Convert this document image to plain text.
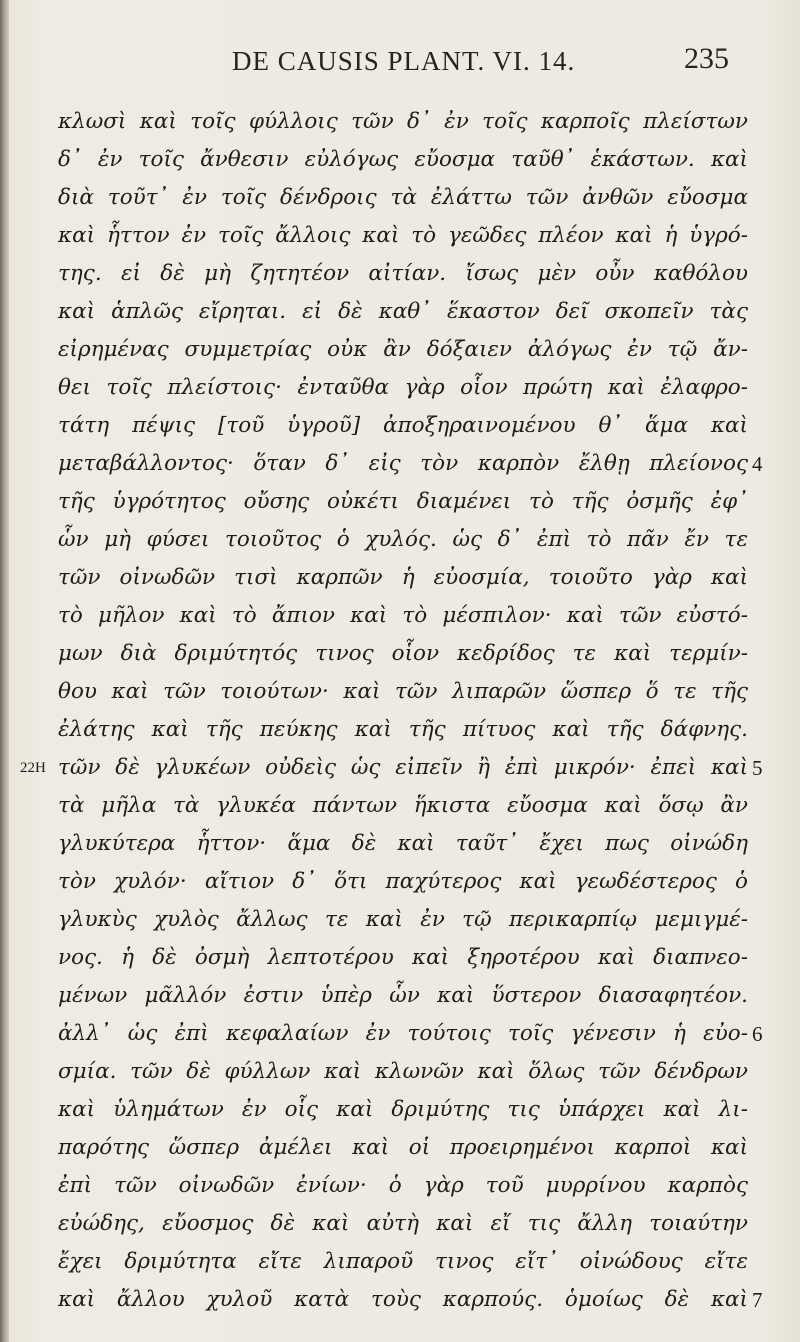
DE CAUSIS PLANT. VI. 14.	235
κλωσὶ καὶ τοῖς φύλλοις τῶν δ᾽ ἐν τοῖς καρποῖς πλείστων
δ᾽ ἐν τοῖς ἄνθεσιν εὐλόγως εὔοσμα ταῦθ᾽ ἑκάστων. καὶ
διὰ τοῦτ᾽ ἐν τοῖς δένδροις τὰ ἐλάττω τῶν ἀνθῶν εὔοσμα
καὶ ἧττον ἐν τοῖς ἄλλοις καὶ τὸ γεῶδες πλέον καὶ ἡ ὑγρό-
της. εἰ δὲ μὴ ζητητέον αἰτίαν. ἴσως μὲν οὖν καθόλου
καὶ ἁπλῶς εἴρηται. εἰ δὲ καθ᾽ ἕκαστον δεῖ σκοπεῖν τὰς
εἰρημένας συμμετρίας οὐκ ἂν δόξαιεν ἀλόγως ἐν τῷ ἄν-
θει τοῖς πλείστοις· ἐνταῦθα γὰρ οἷον πρώτη καὶ ἐλαφρο-
τάτη πέψις [τοῦ ὑγροῦ] ἀποξηραινομένου θ᾽ ἅμα καὶ
μεταβάλλοντος· ὅταν δ᾽ εἰς τὸν καρπὸν ἔλθῃ πλείονος 4
τῆς ὑγρότητος οὔσης οὐκέτι διαμένει τὸ τῆς ὀσμῆς ἐφ᾽
ὧν μὴ φύσει τοιοῦτος ὁ χυλός. ὡς δ᾽ ἐπὶ τὸ πᾶν ἔν τε
τῶν οἰνωδῶν τισὶ καρπῶν ἡ εὐοσμία, τοιοῦτο γὰρ καὶ
τὸ μῆλον καὶ τὸ ἄπιον καὶ τὸ μέσπιλον· καὶ τῶν εὐστό-
μων διὰ δριμύτητός τινος οἷον κεδρίδος τε καὶ τερμίν-
θου καὶ τῶν τοιούτων· καὶ τῶν λιπαρῶν ὥσπερ ὅ τε τῆς
ἐλάτης καὶ τῆς πεύκης καὶ τῆς πίτυος καὶ τῆς δάφνης.
22H τῶν δὲ γλυκέων οὐδεὶς ὡς εἰπεῖν ἢ ἐπὶ μικρόν· ἐπεὶ καὶ 5
τὰ μῆλα τὰ γλυκέα πάντων ἥκιστα εὔοσμα καὶ ὅσῳ ἂν
γλυκύτερα ἧττον· ἅμα δὲ καὶ ταῦτ᾽ ἔχει πως οἰνώδη
τὸν χυλόν· αἴτιον δ᾽ ὅτι παχύτερος καὶ γεωδέστερος ὁ
γλυκὺς χυλὸς ἄλλως τε καὶ ἐν τῷ περικαρπίῳ μεμιγμέ-
νος. ἡ δὲ ὀσμὴ λεπτοτέρου καὶ ξηροτέρου καὶ διαπνεο-
μένων μᾶλλόν ἐστιν ὑπὲρ ὧν καὶ ὕστερον διασαφητέον.
ἀλλ᾽ ὡς ἐπὶ κεφαλαίων ἐν τούτοις τοῖς γένεσιν ἡ εὐο- 6
σμία. τῶν δὲ φύλλων καὶ κλωνῶν καὶ ὅλως τῶν δένδρων
καὶ ὑλημάτων ἐν οἷς καὶ δριμύτης τις ὑπάρχει καὶ λι-
παρότης ὥσπερ ἀμέλει καὶ οἱ προειρημένοι καρποὶ καὶ
ἐπὶ τῶν οἰνωδῶν ἐνίων· ὁ γὰρ τοῦ μυρρίνου καρπὸς
εὐώδης, εὔοσμος δὲ καὶ αὐτὴ καὶ εἴ τις ἄλλη τοιαύτην
ἔχει δριμύτητα εἴτε λιπαροῦ τινος εἴτ᾽ οἰνώδους εἴτε
καὶ ἄλλου χυλοῦ κατὰ τοὺς καρπούς. ὁμοίως δὲ καὶ 7
